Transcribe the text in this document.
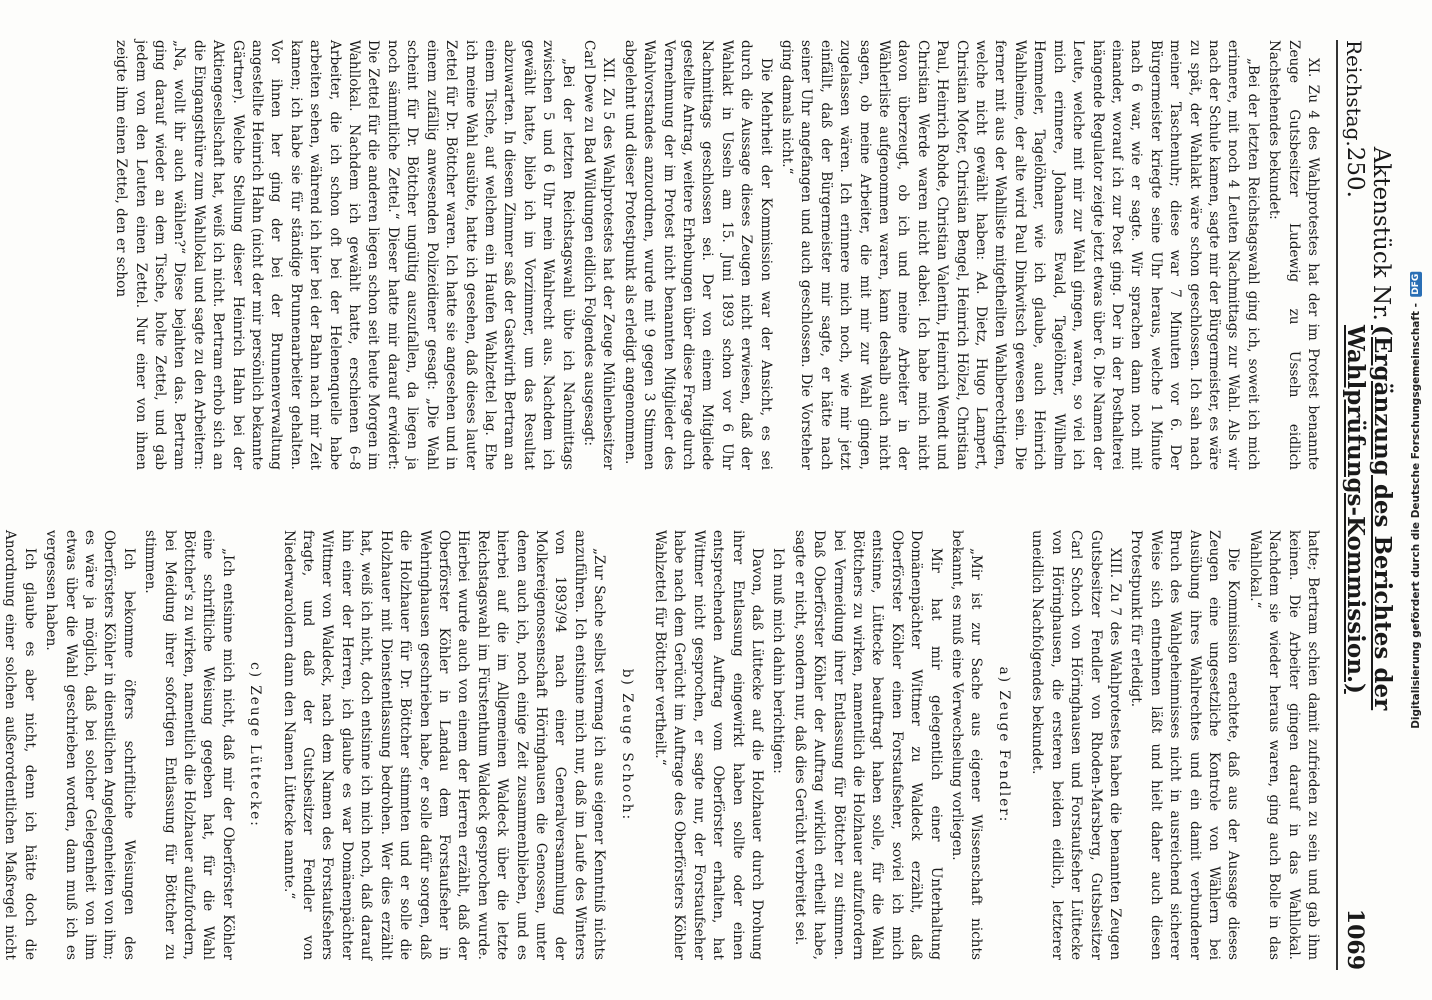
Reichstag.
Aktenstück Nr. 250.
(Ergänzung des Berichtes der Wahlprüfungs-Kommission.)
1069

XI. Zu 4 des Wahlprotestes hat der im Protest benannte Zeuge Gutsbesitzer Ludewig zu Usseln eidlich Nachstehendes bekundet:

„Bei der letzten Reichstagswahl ging ich, soweit ich mich erinnere, mit noch 4 Leuten Nachmittags zur Wahl. Als wir nach der Schule kamen, sagte mir der Bürgermeister, es wäre zu spät, der Wahlakt wäre schon geschlossen. Ich sah nach meiner Taschenuhr; diese war 7 Minuten vor 6. Der Bürgermeister kriegte seine Uhr heraus, welche 1 Minute nach 6 war, wie er sagte. Wir sprachen dann noch mit einander, worauf ich zur Post ging. Der in der Posthalterei hängende Regulator zeigte jetzt etwas über 6. Die Namen der Leute, welche mit mir zur Wahl gingen, waren, so viel ich mich erinnere, Johannes Ewald, Tagelöhner, Wilhelm Hemmeler, Tagelöhner, wie ich glaube, auch Heinrich Wahlheime, der alte wird Paul Dinkwitsch gewesen sein. Die ferner mit aus der Wahlliste mitgetheilten Wahlberechtigten, welche nicht gewählt haben: Ad. Dietz, Hugo Lampert, Christian Moter, Christian Bengel, Heinrich Hölzel, Christian Paul, Heinrich Rohde, Christian Valentin, Heinrich Wendt und Christian Werde waren nicht dabei. Ich habe mich nicht davon überzeugt, ob ich und meine Arbeiter in der Wählerliste aufgenommen waren, kann deshalb auch nicht sagen, ob meine Arbeiter, die mit mir zur Wahl gingen, zugelassen wären. Ich erinnere mich noch, wie mir jetzt einfällt, daß der Bürgermeister mir sagte, er hätte nach seiner Uhr angefangen und auch geschlossen. Die Vorsteher ging damals nicht.“

Die Mehrheit der Kommission war der Ansicht, es sei durch die Aussage dieses Zeugen nicht erwiesen, daß der Wahlakt in Usseln am 15. Juni 1893 schon vor 6 Uhr Nachmittags geschlossen sei. Der von einem Mitgliede gestellte Antrag, weitere Erhebungen über diese Frage durch Vernehmung der im Protest nicht benannten Mitglieder des Wahlvorstandes anzuordnen, wurde mit 9 gegen 3 Stimmen abgelehnt und dieser Protestpunkt als erledigt angenommen.

XII. Zu 5 des Wahlprotestes hat der Zeuge Mühlenbesitzer Carl Dewe zu Bad Wildungen eidlich Folgendes ausgesagt:

„Bei der letzten Reichstagswahl übte ich Nachmittags zwischen 5 und 6 Uhr mein Wahlrecht aus. Nachdem ich gewählt hatte, blieb ich im Vorzimmer, um das Resultat abzuwarten. In diesem Zimmer saß der Gastwirth Bertram an einem Tische, auf welchem ein Haufen Wahlzettel lag. Ehe ich meine Wahl ausübte, hatte ich gesehen, daß dieses lauter Zettel für Dr. Böttcher waren. Ich hatte sie angesehen und in einem zufällig anwesenden Polizeidiener gesagt: „Die Wahl scheint für Dr. Böttcher ungültig auszufallen, da liegen ja noch sämmtliche Zettel.“ Dieser hatte mir darauf erwidert: Die Zettel für die anderen liegen schon seit heute Morgen im Wahllokal. Nachdem ich gewählt hatte, erschienen 6–8 Arbeiter, die ich schon oft bei der Helenenquelle habe arbeiten sehen, während ich hier bei der Bahn nach mir Zeit kamen; ich habe sie für ständige Brunnenarbeiter gehalten. Vor ihnen her ging der bei der Brunnenverwaltung angestellte Heinrich Hahn (nicht der mir persönlich bekannte Gärtner). Welche Stellung dieser Heinrich Hahn bei der Aktiengesellschaft hat, weiß ich nicht. Bertram erhob sich an die Eingangsthüre zum Wahllokal und sagte zu den Arbeitern: „Na, wollt ihr auch wählen?“ Diese bejahten das. Bertram ging darauf wieder an dem Tische, holte Zettel, und gab jedem von den Leuten einen Zettel. Nur einer von ihnen zeigte ihm einen Zettel, den er schon

hatte; Bertram schien damit zufrieden zu sein und gab ihm keinen. Die Arbeiter gingen darauf in das Wahllokal. Nachdem sie wieder heraus waren, ging auch Bolle in das Wahllokal.“

Die Kommission erachtete, daß aus der Aussage dieses Zeugen eine ungesetzliche Kontrole von Wählern bei Ausübung ihres Wahlrechtes und ein damit verbundener Bruch des Wahlgeheimnisses nicht in ausreichend sicherer Weise sich entnehmen läßt und hielt daher auch diesen Protestpunkt für erledigt.

XIII. Zu 7 des Wahlprotestes haben die benannten Zeugen Gutsbesitzer Fendler von Rhoden-Marsberg, Gutsbesitzer Carl Schoch von Höringhausen und Forstaufseher Lüttecke von Höringhausen, die ersteren beiden eidlich, letzterer uneidlich Nachfolgendes bekundet.

a) Zeuge Fendler:

„Mir ist zur Sache aus eigener Wissenschaft nichts bekannt, es muß eine Verwechselung vorliegen.

Mir hat mir gelegentlich einer Unterhaltung Domänenpächter Wittmer zu Waldeck erzählt, daß Oberförster Köhler einen Forstaufseher, soviel ich mich entsinne, Lüttecke beauftragt haben solle, für die Wahl Böttchers zu wirken, namentlich die Holzhauer aufzufordern bei Vermeidung ihrer Entlassung für Böttcher zu stimmen. Daß Oberförster Köhler der Auftrag wirklich ertheilt habe, sagte er nicht, sondern nur, daß dies Gerücht verbreitet sei.

Ich muß mich dahin berichtigen:

Davon, daß Lüttecke auf die Holzhauer durch Drohung ihrer Entlassung eingewirkt haben sollte oder einen entsprechenden Auftrag vom Oberförster erhalten, hat Wittmer nicht gesprochen, er sagte nur, der Forstaufseher habe nach dem Gerücht im Auftrage des Oberförsters Köhler Wahlzettel für Böttcher vertheilt.“

b) Zeuge Schoch:

„Zur Sache selbst vermag ich aus eigener Kenntniß nichts anzuführen. Ich entsinne mich nur, daß im Laufe des Winters von 1893/94 nach einer Generalversammlung der Molkereigenossenschaft Höringhausen die Genossen, unter denen auch ich, noch einige Zeit zusammenblieben, und es hierbei auf die im Allgemeinen Waldeck über die letzte Reichstagswahl im Fürstenthum Waldeck gesprochen wurde. Hierbei wurde auch von einem der Herren erzählt, daß der Oberförster Köhler in Landau dem Forstaufseher in Wehringhausen geschrieben habe, er solle dafür sorgen, daß die Holzhauer für Dr. Böttcher stimmten und er solle die Holzhauer mit Dienstentlassung bedrohen. Wer dies erzählt hat, weiß ich nicht, doch entsinne ich mich noch, daß darauf hin einer der Herren, ich glaube es war Domänenpächter Wittmer von Waldeck, nach dem Namen des Forstaufsehers fragte, und daß der Gutsbesitzer Fendler von Niederwaroldern dann den Namen Lüttecke nannte.“

c) Zeuge Lüttecke:

„Ich entsinne mich nicht, daß mir der Oberförster Köhler eine schriftliche Weisung gegeben hat, für die Wahl Böttcher's zu wirken, namentlich die Holzhauer aufzufordern, bei Meidung ihrer sofortigen Entlassung für Böttcher zu stimmen.

Ich bekomme öfters schriftliche Weisungen des Oberförsters Köhler in dienstlichen Angelegenheiten von ihm; es wäre ja möglich, daß bei solcher Gelegenheit von ihm etwas über die Wahl geschrieben worden, dann muß ich es vergessen haben.

Ich glaube es aber nicht, denn ich hätte doch die Anordnung einer solchen außerordentlichen Maßregel nicht

Digitalisierung gefördert durch die Deutsche Forschungsgemeinschaft -
DFG
